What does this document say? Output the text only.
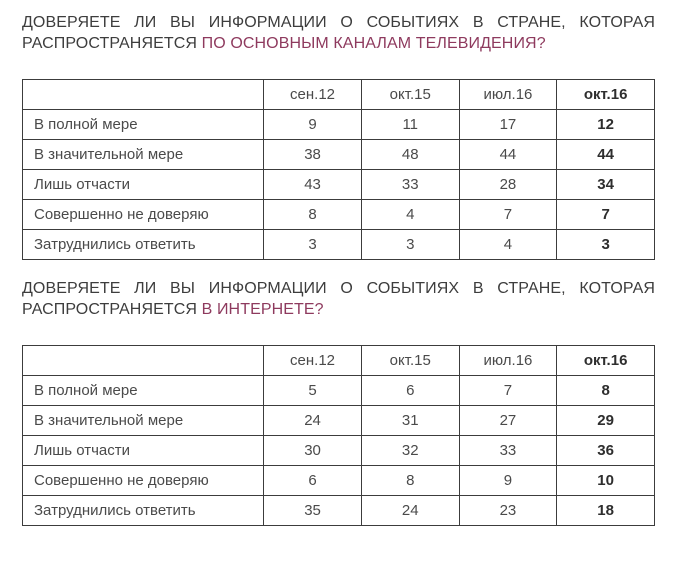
ДОВЕРЯЕТЕ ЛИ ВЫ ИНФОРМАЦИИ О СОБЫТИЯХ В СТРАНЕ, КОТОРАЯ РАСПРОСТРАНЯЕТСЯ ПО ОСНОВНЫМ КАНАЛАМ ТЕЛЕВИДЕНИЯ?
	сен.12	окт.15	июл.16	окт.16
В полной мере	9	11	17	12
В значительной мере	38	48	44	44
Лишь отчасти	43	33	28	34
Совершенно не доверяю	8	4	7	7
Затруднились ответить	3	3	4	3
ДОВЕРЯЕТЕ ЛИ ВЫ ИНФОРМАЦИИ О СОБЫТИЯХ В СТРАНЕ, КОТОРАЯ РАСПРОСТРАНЯЕТСЯ В ИНТЕРНЕТЕ?
	сен.12	окт.15	июл.16	окт.16
В полной мере	5	6	7	8
В значительной мере	24	31	27	29
Лишь отчасти	30	32	33	36
Совершенно не доверяю	6	8	9	10
Затруднились ответить	35	24	23	18
